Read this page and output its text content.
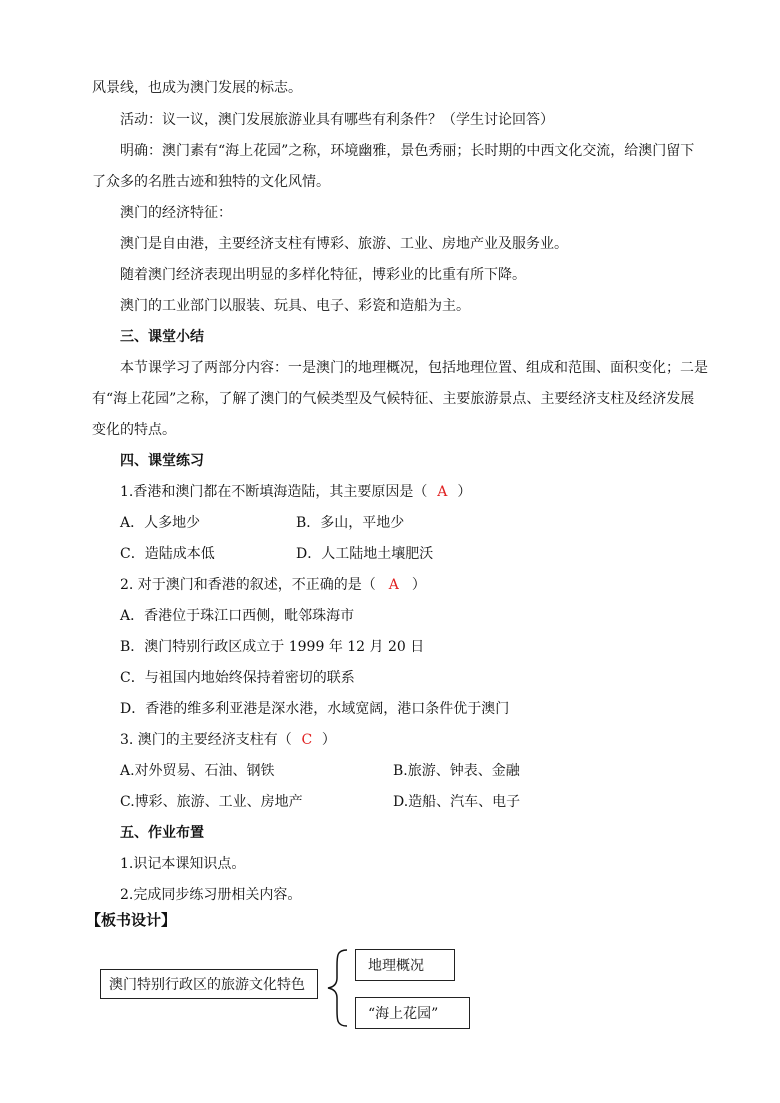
风景线，也成为澳门发展的标志。
活动：议一议，澳门发展旅游业具有哪些有利条件？（学生讨论回答）
明确：澳门素有“海上花园”之称，环境幽雅，景色秀丽；长时期的中西文化交流，给澳门留下
了众多的名胜古迹和独特的文化风情。
澳门的经济特征：
澳门是自由港，主要经济支柱有博彩、旅游、工业、房地产业及服务业。
随着澳门经济表现出明显的多样化特征，博彩业的比重有所下降。
澳门的工业部门以服装、玩具、电子、彩瓷和造船为主。
三、课堂小结
本节课学习了两部分内容：一是澳门的地理概况，包括地理位置、组成和范围、面积变化；二是
有“海上花园”之称，了解了澳门的气候类型及气候特征、主要旅游景点、主要经济支柱及经济发展
变化的特点。
四、课堂练习
1.香港和澳门都在不断填海造陆，其主要原因是（ A ）
A．人多地少	B．多山，平地少
C．造陆成本低	D．人工陆地土壤肥沃
2. 对于澳门和香港的叙述，不正确的是（ A ）
A．香港位于珠江口西侧，毗邻珠海市
B．澳门特别行政区成立于 1999 年 12 月 20 日
C．与祖国内地始终保持着密切的联系
D．香港的维多利亚港是深水港，水域宽阔，港口条件优于澳门
3. 澳门的主要经济支柱有（ C ）
A.对外贸易、石油、钢铁	B.旅游、钟表、金融
C.博彩、旅游、工业、房地产	D.造船、汽车、电子
五、作业布置
1.识记本课知识点。
2.完成同步练习册相关内容。
【板书设计】
澳门特别行政区的旅游文化特色
地理概况
“海上花园”
